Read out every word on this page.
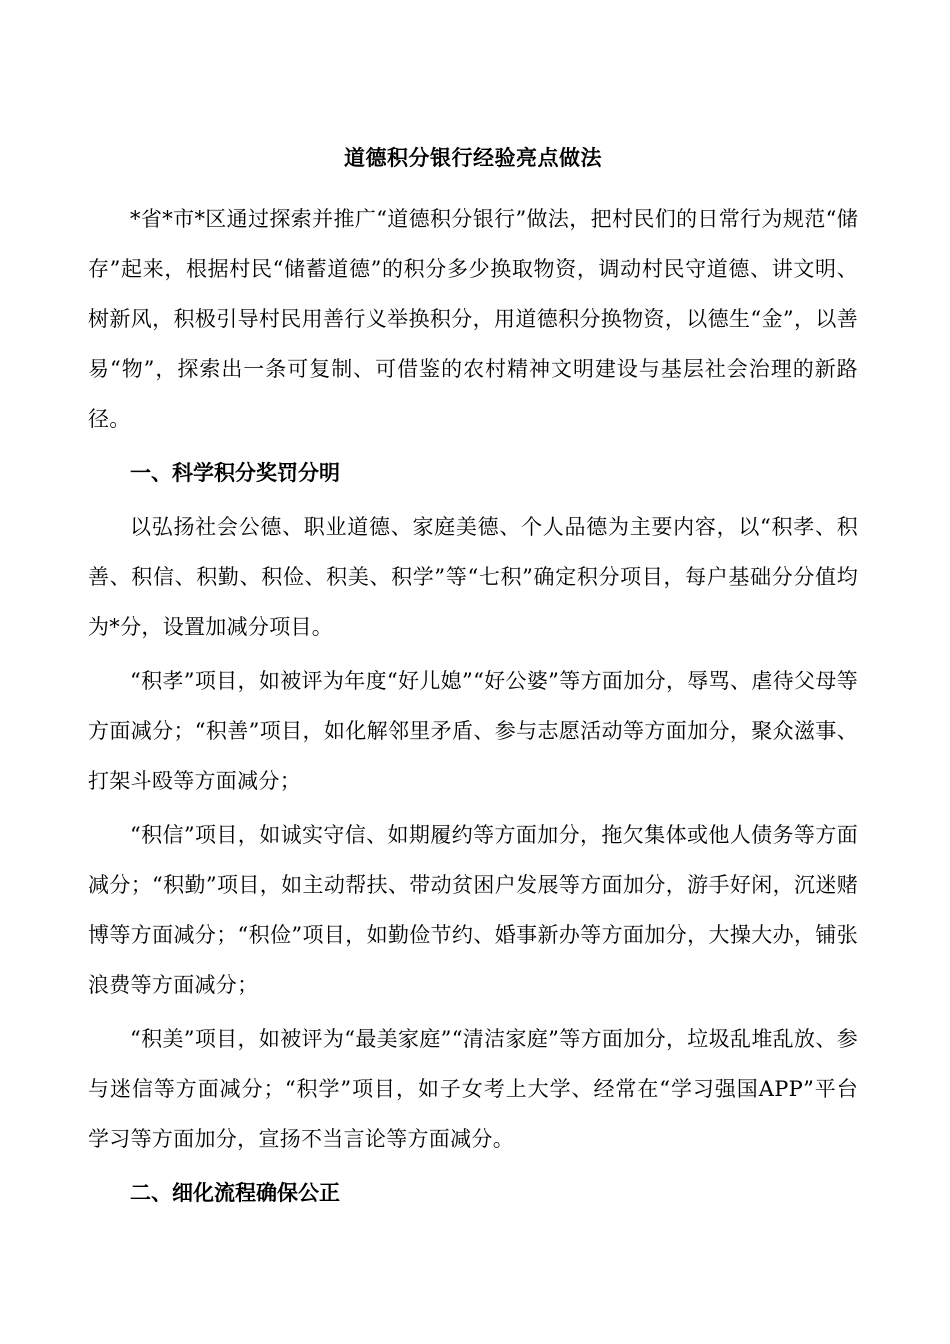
道德积分银行经验亮点做法

*省*市*区通过探索并推广“道德积分银行”做法，把村民们的日常行为规范“储存”起来，根据村民“储蓄道德”的积分多少换取物资，调动村民守道德、讲文明、树新风，积极引导村民用善行义举换积分，用道德积分换物资，以德生“金”，以善易“物”，探索出一条可复制、可借鉴的农村精神文明建设与基层社会治理的新路径。

一、科学积分奖罚分明

以弘扬社会公德、职业道德、家庭美德、个人品德为主要内容，以“积孝、积善、积信、积勤、积俭、积美、积学”等“七积”确定积分项目，每户基础分分值均为*分，设置加减分项目。

“积孝”项目，如被评为年度“好儿媳”“好公婆”等方面加分，辱骂、虐待父母等方面减分；“积善”项目，如化解邻里矛盾、参与志愿活动等方面加分，聚众滋事、打架斗殴等方面减分；

“积信”项目，如诚实守信、如期履约等方面加分，拖欠集体或他人债务等方面减分；“积勤”项目，如主动帮扶、带动贫困户发展等方面加分，游手好闲，沉迷赌博等方面减分；“积俭”项目，如勤俭节约、婚事新办等方面加分，大操大办，铺张浪费等方面减分；

“积美”项目，如被评为“最美家庭”“清洁家庭”等方面加分，垃圾乱堆乱放、参与迷信等方面减分；“积学”项目，如子女考上大学、经常在“学习强国APP”平台学习等方面加分，宣扬不当言论等方面减分。

二、细化流程确保公正
